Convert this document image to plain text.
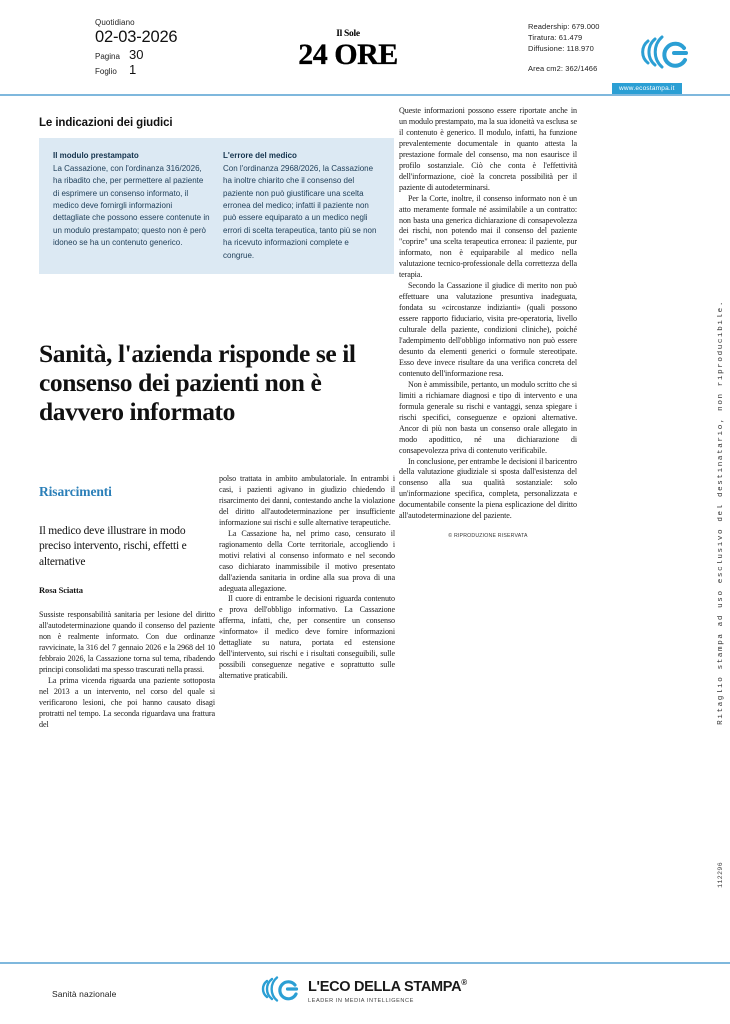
Quotidiano
02-03-2026
Pagina 30
Foglio 1
Il Sole
24 ORE
Readership: 679.000
Tiratura: 61.479
Diffusione: 118.970
Area cm2: 362/1466
www.ecostampa.it
Le indicazioni dei giudici
Il modulo prestampato
La Cassazione, con l'ordinanza 316/2026, ha ribadito che, per permettere al paziente di esprimere un consenso informato, il medico deve fornirgli informazioni dettagliate che possono essere contenute in un modulo prestampato; questo non è però idoneo se ha un contenuto generico.
L'errore del medico
Con l'ordinanza 2968/2026, la Cassazione ha inoltre chiarito che il consenso del paziente non può giustificare una scelta erronea del medico; infatti il paziente non può essere equiparato a un medico negli errori di scelta terapeutica, tanto più se non ha ricevuto informazioni complete e congrue.
Sanità, l'azienda risponde se il consenso dei pazienti non è davvero informato
Risarcimenti
Il medico deve illustrare in modo preciso intervento, rischi, effetti e alternative
Rosa Sciatta

Sussiste responsabilità sanitaria per lesione del diritto all'autodeterminazione quando il consenso del paziente non è realmente informato. Con due ordinanze ravvicinate, la 316 del 7 gennaio 2026 e la 2968 del 10 febbraio 2026, la Cassazione torna sul tema, ribadendo principi consolidati ma spesso trascurati nella prassi.

La prima vicenda riguarda una paziente sottoposta nel 2013 a un intervento, nel corso del quale si verificarono lesioni, che poi hanno causato disagi protratti nel tempo. La seconda riguardava una frattura del

polso trattata in ambito ambulatoriale. In entrambi i casi, i pazienti agivano in giudizio chiedendo il risarcimento dei danni, contestando anche la violazione del diritto all'autodeterminazione per insufficiente informazione sui rischi e sulle alternative terapeutiche.

La Cassazione ha, nel primo caso, censurato il ragionamento della Corte territoriale, accogliendo i motivi relativi al consenso informato e nel secondo caso dichiarato inammissibile il motivo presentato dall'azienda sanitaria in ordine alla sua prova di una adeguata allegazione.

Il cuore di entrambe le decisioni riguarda contenuto e prova dell'obbligo informativo. La Cassazione afferma, infatti, che, per consentire un consenso «informato» il medico deve fornire informazioni dettagliate su natura, portata ed estensione dell'intervento, sui rischi e i risultati conseguibili, sulle possibili conseguenze negative e soprattutto sulle alternative praticabili.

Queste informazioni possono essere riportate anche in un modulo prestampato, ma la sua idoneità va esclusa se il contenuto è generico. Il modulo, infatti, ha funzione prevalentemente documentale in quanto attesta la prestazione formale del consenso, ma non esaurisce il profilo sostanziale. Ciò che conta è l'effettività dell'informazione, cioè la concreta possibilità per il paziente di autodeterminarsi.

Per la Corte, inoltre, il consenso informato non è un atto meramente formale né assimilabile a un contratto: non basta una generica dichiarazione di consapevolezza dei rischi, non potendo mai il consenso del paziente "coprire" una scelta terapeutica erronea: il paziente, pur informato, non è equiparabile al medico nella valutazione tecnico-professionale della correttezza della terapia.

Secondo la Cassazione il giudice di merito non può effettuare una valutazione presuntiva inadeguata, fondata su «circostanze indizianti» (quali possono essere rapporto fiduciario, visita pre-operatoria, livello culturale della paziente, condizioni cliniche), poiché l'adempimento dell'obbligo informativo non può essere desunto da elementi generici o formule stereotipate. Esso deve invece risultare da una verifica concreta del contenuto dell'informazione resa.

Non è ammissibile, pertanto, un modulo scritto che si limiti a richiamare diagnosi e tipo di intervento e una formula generale su rischi e vantaggi, senza spiegare i rischi specifici, conseguenze e opzioni alternative. Ancor di più non basta un consenso orale allegato in modo apodittico, né una dichiarazione di consapevolezza priva di contenuto verificabile.

In conclusione, per entrambe le decisioni il baricentro della valutazione giudiziale si sposta dall'esistenza del consenso alla sua qualità sostanziale: solo un'informazione specifica, completa, personalizzata e documentabile consente la piena esplicazione del diritto all'autodeterminazione del paziente.

© RIPRODUZIONE RISERVATA	Ritaglio stampa ad uso esclusivo del destinatario, non riproducibile.
112296
Sanità nazionale	L'ECO DELLA STAMPA®
LEADER IN MEDIA INTELLIGENCE
